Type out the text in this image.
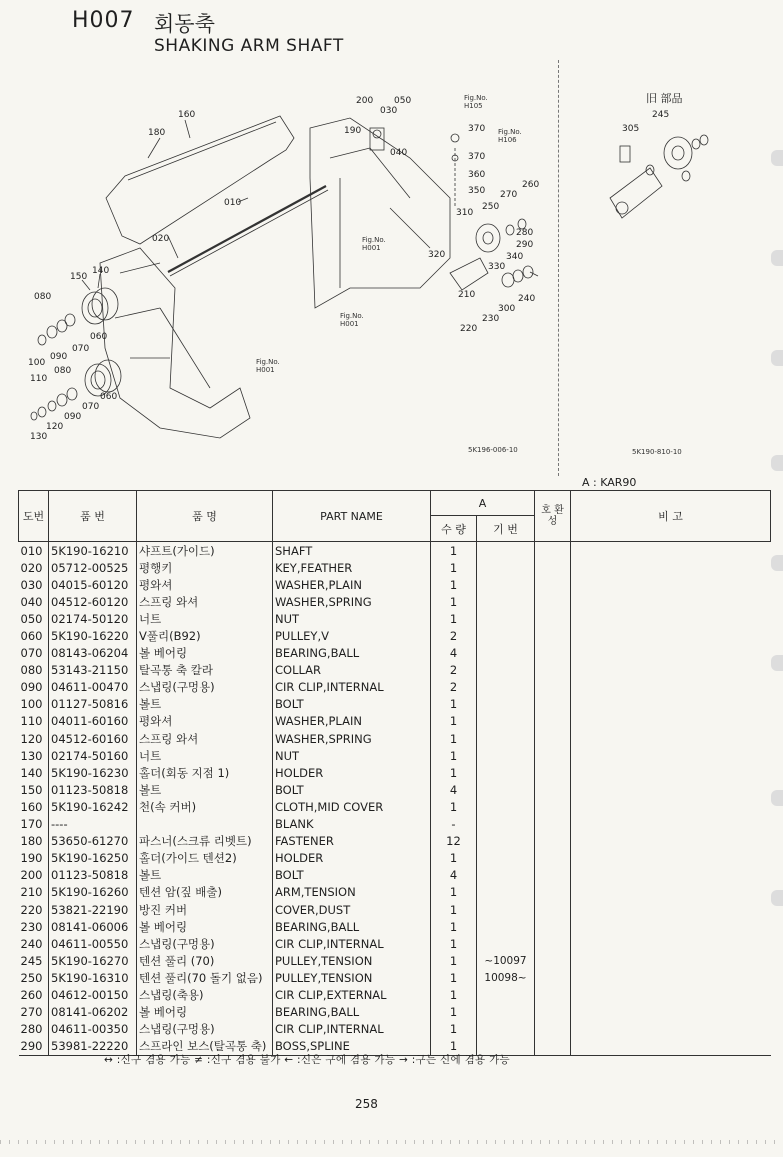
H007 회동축
SHAKING ARM SHAFT
200 050
030
190
040
370
370
360
350
310
250
270
260
280
290
340
320
330
210	240
300
230
220
160
180
010
020
150
140
080
060
070
090
100
110
080
060
070
090
120
130
305
245
Fig.No. H105
Fig.No. H106
Fig.No. H001
Fig.No. H001
Fig.No. H001
旧 部品
5K196-006-10	5K190-810-10
A : KAR90
도번	품 번	품 명	PART NAME	A		호 환 성	비 고
				수 량	기 번		
010	5K190-16210	샤프트(가이드)	SHAFT	1			
020	05712-00525	평행키	KEY,FEATHER	1			
030	04015-60120	평와셔	WASHER,PLAIN	1			
040	04512-60120	스프링 와셔	WASHER,SPRING	1			
050	02174-50120	너트	NUT	1			
060	5K190-16220	V풀리(B92)	PULLEY,V	2			
070	08143-06204	볼 베어링	BEARING,BALL	4			
080	53143-21150	탈곡통 축 칼라	COLLAR	2			
090	04611-00470	스냅링(구멍용)	CIR CLIP,INTERNAL	2			
100	01127-50816	볼트	BOLT	1			
110	04011-60160	평와셔	WASHER,PLAIN	1			
120	04512-60160	스프링 와셔	WASHER,SPRING	1			
130	02174-50160	너트	NUT	1			
140	5K190-16230	홀더(회동 지점 1)	HOLDER	1			
150	01123-50818	볼트	BOLT	4			
160	5K190-16242	천(속 커버)	CLOTH,MID COVER	1			
170	----		BLANK	-			
180	53650-61270	파스너(스크류 리벳트)	FASTENER	12			
190	5K190-16250	홀더(가이드 텐션2)	HOLDER	1			
200	01123-50818	볼트	BOLT	4			
210	5K190-16260	텐션 암(짚 배출)	ARM,TENSION	1			
220	53821-22190	방진 커버	COVER,DUST	1			
230	08141-06006	볼 베어링	BEARING,BALL	1			
240	04611-00550	스냅링(구멍용)	CIR CLIP,INTERNAL	1			
245	5K190-16270	텐션 풀리 (70)	PULLEY,TENSION	1	~10097		
250	5K190-16310	텐션 풀리(70 돌기 없음)	PULLEY,TENSION	1	10098~		
260	04612-00150	스냅링(축용)	CIR CLIP,EXTERNAL	1			
270	08141-06202	볼 베어링	BEARING,BALL	1			
280	04611-00350	스냅링(구멍용)	CIR CLIP,INTERNAL	1			
290	53981-22220	스프라인 보스(탈곡통 축)	BOSS,SPLINE	1			
↔ :신구 겸용 가능 ≠ :신구 겸용 불가 ← :신은 구에 겸용 가능 → :구는 신에 겸용 가능
258
